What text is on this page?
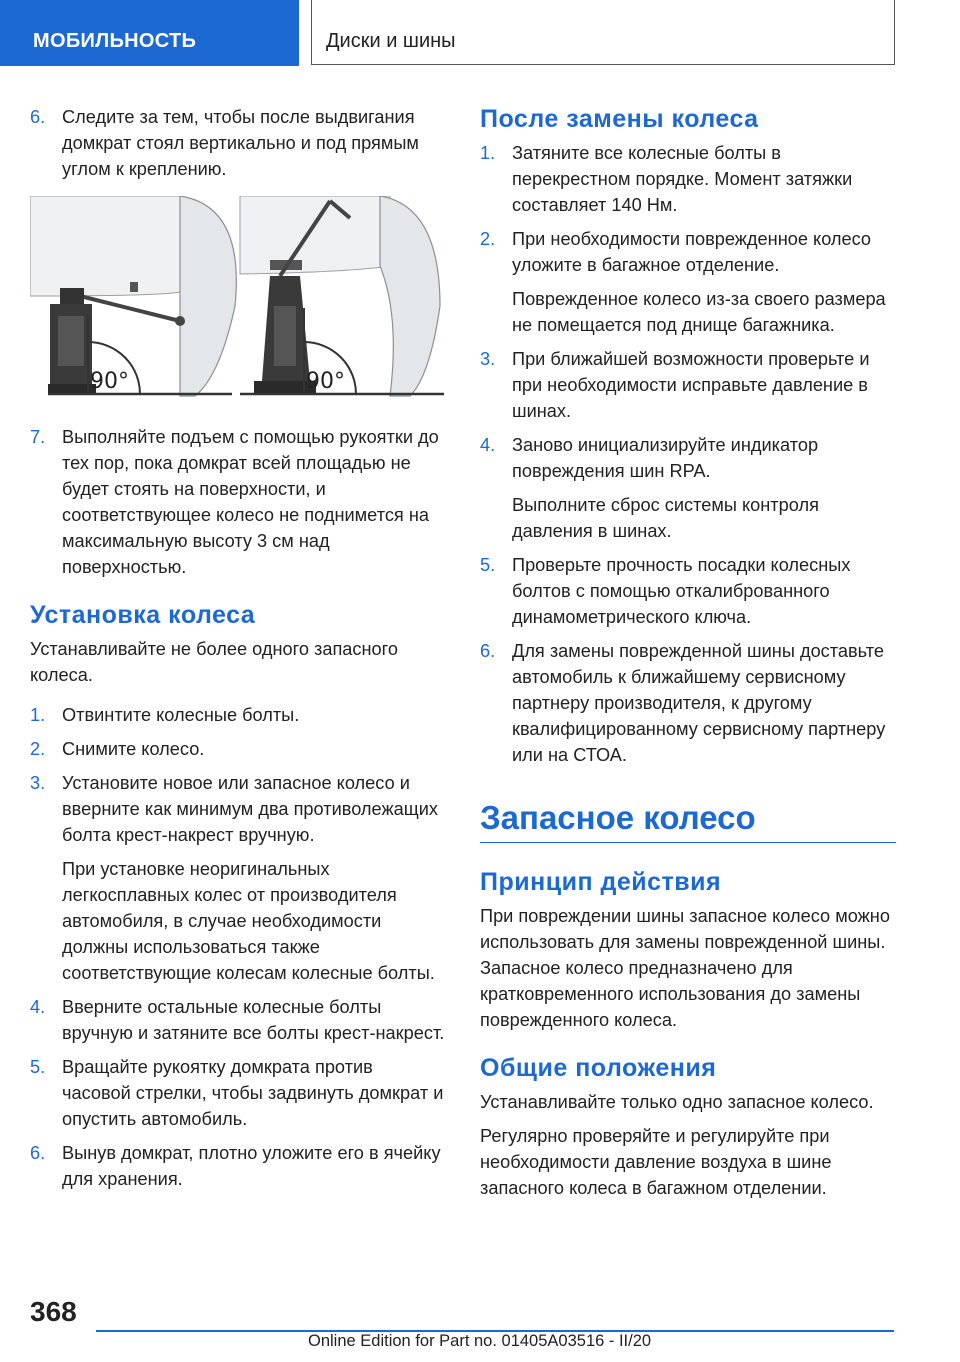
МОБИЛЬНОСТЬ	Диски и шины
6. Следите за тем, чтобы после выдвигания домкрат стоял вертикально и под прямым углом к креплению.
90°	90°
7. Выполняйте подъем с помощью рукоятки до тех пор, пока домкрат всей площадью не будет стоять на поверхности, и соответствующее колесо не поднимется на максимальную высоту 3 см над поверхностью.
Установка колеса

Устанавливайте не более одного запасного колеса.

1. Отвинтите колесные болты.
2. Снимите колесо.
3. Установите новое или запасное колесо и вверните как минимум два противолежащих болта крест-накрест вручную.

При установке неоригинальных легкосплавных колес от производителя автомобиля, в случае необходимости должны использоваться также соответствующие колесам колесные болты.

4. Вверните остальные колесные болты вручную и затяните все болты крест-накрест.
5. Вращайте рукоятку домкрата против часовой стрелки, чтобы задвинуть домкрат и опустить автомобиль.
6. Вынув домкрат, плотно уложите его в ячейку для хранения.
После замены колеса
1. Затяните все колесные болты в перекрестном порядке. Момент затяжки составляет 140 Нм.
2. При необходимости поврежденное колесо уложите в багажное отделение.

Поврежденное колесо из-за своего размера не помещается под днище багажника.

3. При ближайшей возможности проверьте и при необходимости исправьте давление в шинах.
4. Заново инициализируйте индикатор повреждения шин RPA.

Выполните сброс системы контроля давления в шинах.

5. Проверьте прочность посадки колесных болтов с помощью откалиброванного динамометрического ключа.
6. Для замены поврежденной шины доставьте автомобиль к ближайшему сервисному партнеру производителя, к другому квалифицированному сервисному партнеру или на СТОА.
Запасное колесо
Принцип действия

При повреждении шины запасное колесо можно использовать для замены поврежденной шины. Запасное колесо предназначено для кратковременного использования до замены поврежденного колеса.

Общие положения

Устанавливайте только одно запасное колесо.

Регулярно проверяйте и регулируйте при необходимости давление воздуха в шине запасного колеса в багажном отделении.

368
Online Edition for Part no. 01405A03516 - II/20
